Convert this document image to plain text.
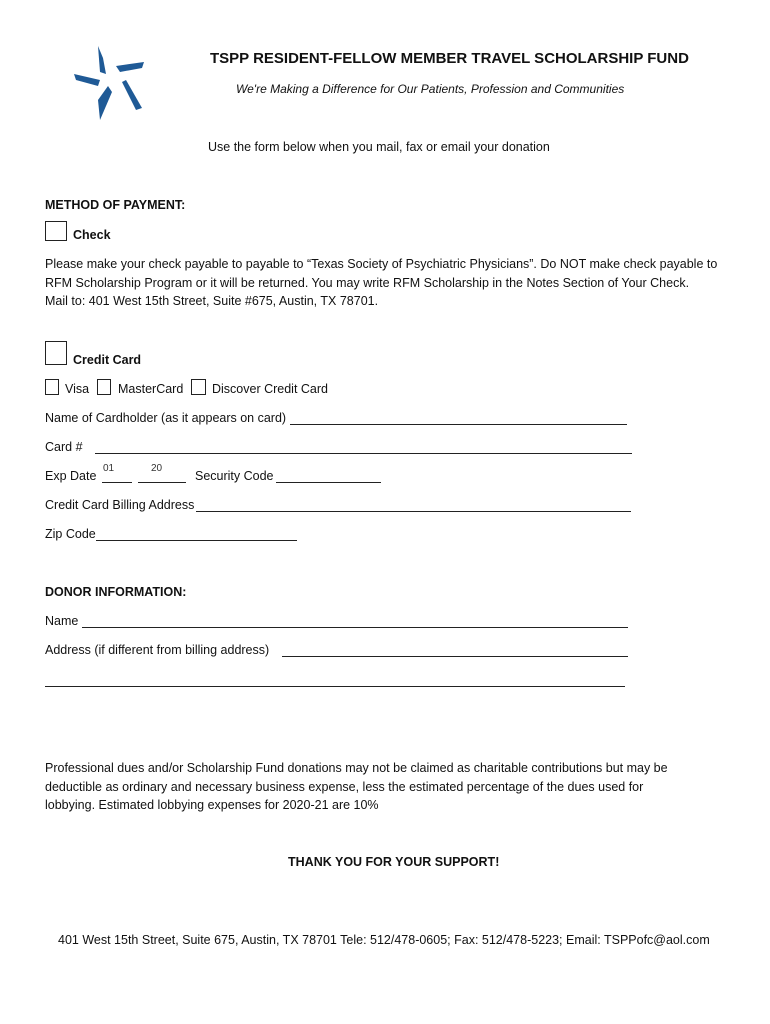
TSPP RESIDENT-FELLOW MEMBER TRAVEL SCHOLARSHIP FUND
We're Making a Difference for Our Patients, Profession and Communities
Use the form below when you mail, fax or email your donation
METHOD OF PAYMENT:
Check
Please make your check payable to payable to “Texas Society of Psychiatric Physicians”. Do NOT make check payable to
RFM Scholarship Program or it will be returned. You may write RFM Scholarship in the Notes Section of Your Check.
Mail to: 401 West 15th Street, Suite #675, Austin, TX 78701.
Credit Card
Visa MasterCard Discover Credit Card
Name of Cardholder (as it appears on card)
Card #
Exp Date
01	20
Security Code
Credit Card Billing Address
Zip Code
DONOR INFORMATION:
Name
Address (if different from billing address)
Professional dues and/or Scholarship Fund donations may not be claimed as charitable contributions but may be
deductible as ordinary and necessary business expense, less the estimated percentage of the dues used for
lobbying. Estimated lobbying expenses for 2020-21 are 10%
THANK YOU FOR YOUR SUPPORT!
401 West 15th Street, Suite 675, Austin, TX 78701 Tele: 512/478-0605; Fax: 512/478-5223; Email: TSPPofc@aol.com
